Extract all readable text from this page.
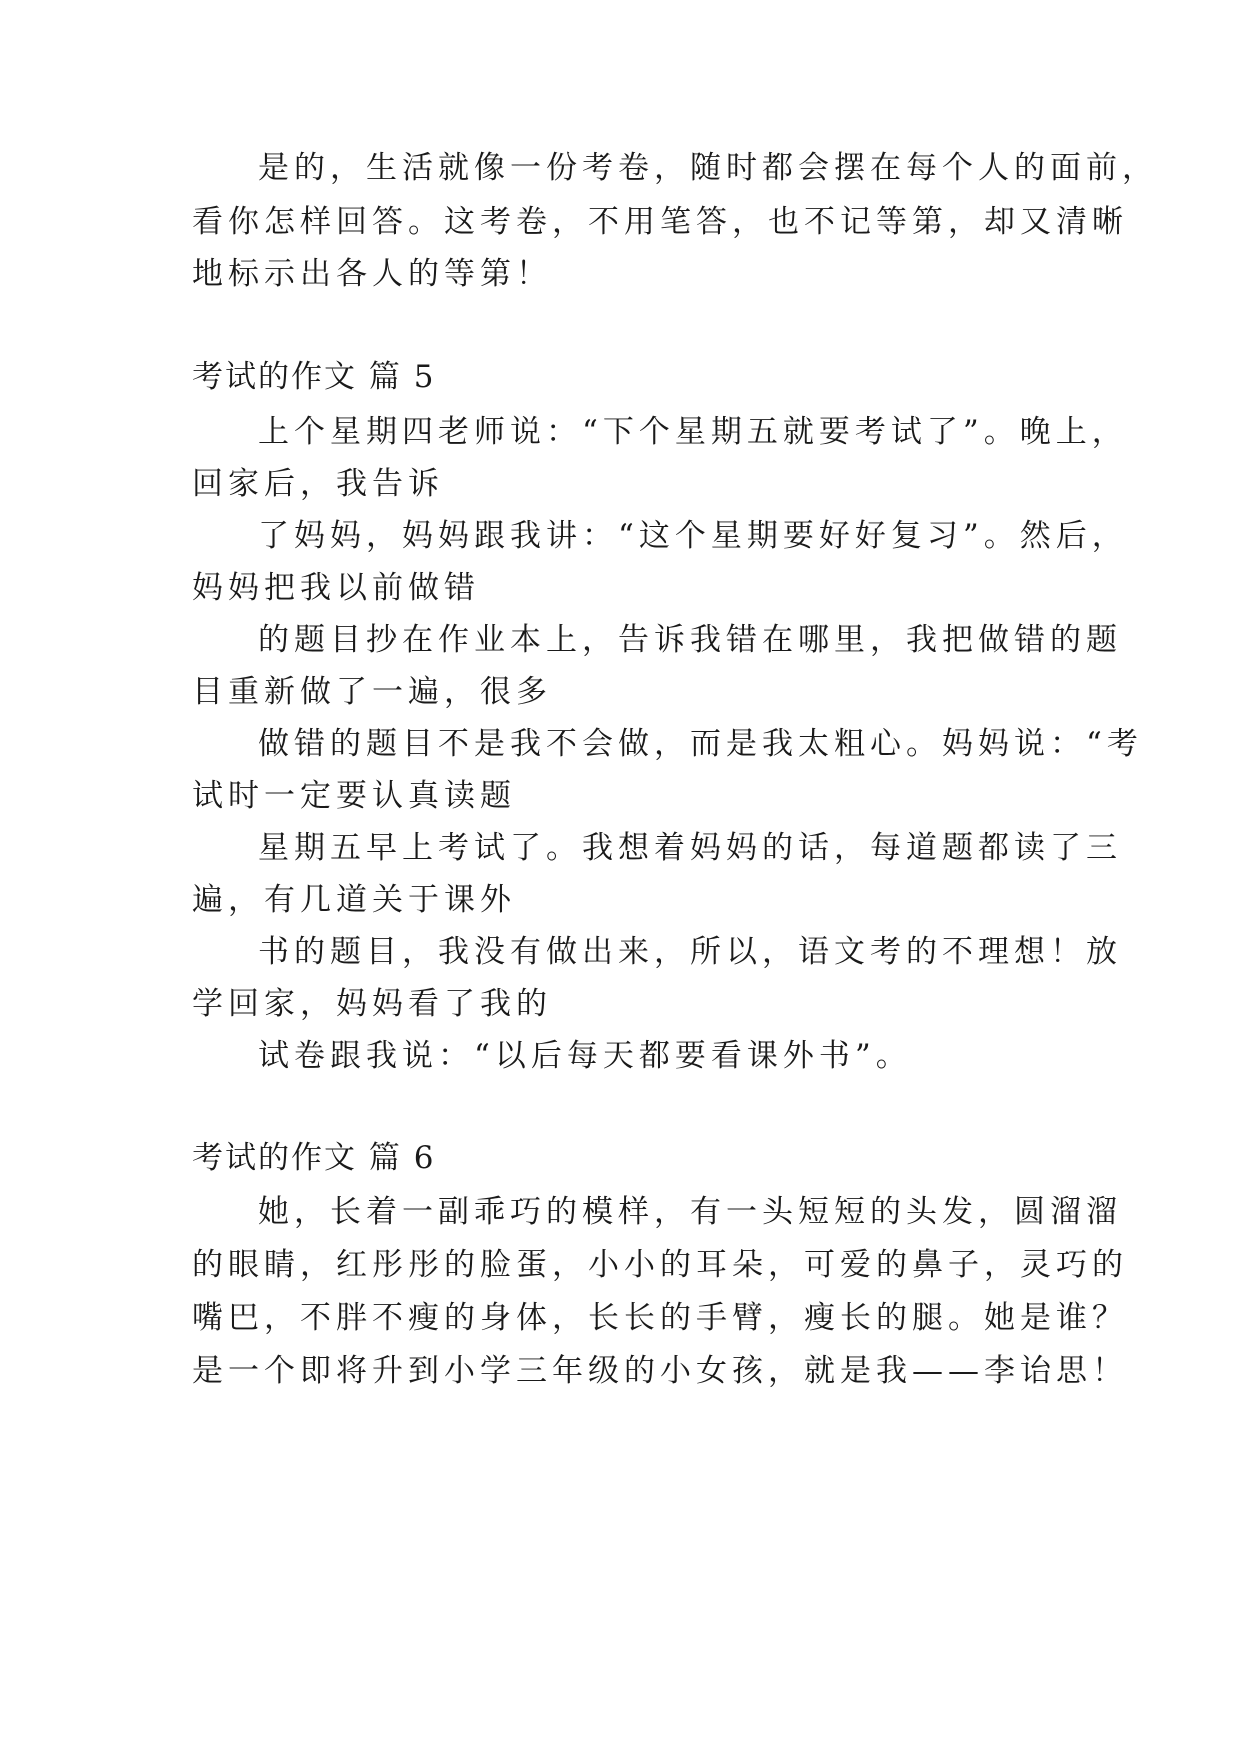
是的，生活就像一份考卷，随时都会摆在每个人的面前，
看你怎样回答。这考卷，不用笔答，也不记等第，却又清晰
地标示出各人的等第！
考试的作文 篇 5
上个星期四老师说：“下个星期五就要考试了”。晚上，
回家后，我告诉
了妈妈，妈妈跟我讲：“这个星期要好好复习”。然后，
妈妈把我以前做错
的题目抄在作业本上，告诉我错在哪里，我把做错的题
目重新做了一遍，很多
做错的题目不是我不会做，而是我太粗心。妈妈说：“考
试时一定要认真读题
星期五早上考试了。我想着妈妈的话，每道题都读了三
遍，有几道关于课外
书的题目，我没有做出来，所以，语文考的不理想！放
学回家，妈妈看了我的
试卷跟我说：“以后每天都要看课外书”。
考试的作文 篇 6
她，长着一副乖巧的模样，有一头短短的头发，圆溜溜
的眼睛，红彤彤的脸蛋，小小的耳朵，可爱的鼻子，灵巧的
嘴巴，不胖不瘦的身体，长长的手臂，瘦长的腿。她是谁？
是一个即将升到小学三年级的小女孩，就是我——李诒思！
